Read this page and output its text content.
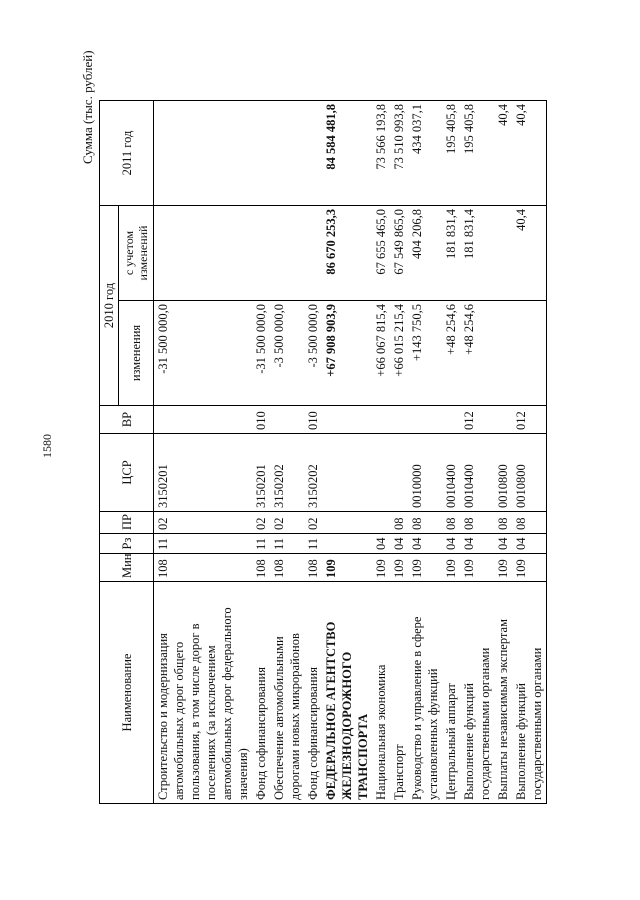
1580
Сумма (тыс. рублей)
Наименование	Мин	Рз	ПР	ЦСР	ВР	2010 год		2011 год
						изменения	с учетом изменений	
Строительство и модернизация автомобильных дорог общего пользования, в том числе дорог в поселениях (за исключением автомобильных дорог федерального значения)	108	11	02	3150201		-31 500 000,0		
Фонд софинансирования	108	11	02	3150201	010	-31 500 000,0		
Обеспечение автомобильными дорогами новых микрорайонов	108	11	02	3150202		-3 500 000,0		
Фонд софинансирования	108	11	02	3150202	010	-3 500 000,0		
ФЕДЕРАЛЬНОЕ АГЕНТСТВО ЖЕЛЕЗНОДОРОЖНОГО ТРАНСПОРТА	109					+67 908 903,9	86 670 253,3	84 584 481,8
Национальная экономика	109	04				+66 067 815,4	67 655 465,0	73 566 193,8
Транспорт	109	04	08			+66 015 215,4	67 549 865,0	73 510 993,8
Руководство и управление в сфере установленных функций	109	04	08	0010000		+143 750,5	404 206,8	434 037,1
Центральный аппарат	109	04	08	0010400		+48 254,6	181 831,4	195 405,8
Выполнение функций государственными органами	109	04	08	0010400	012	+48 254,6	181 831,4	195 405,8
Выплаты независимым экспертам	109	04	08	0010800				40,4
Выполнение функций государственными органами	109	04	08	0010800	012		40,4	40,4
